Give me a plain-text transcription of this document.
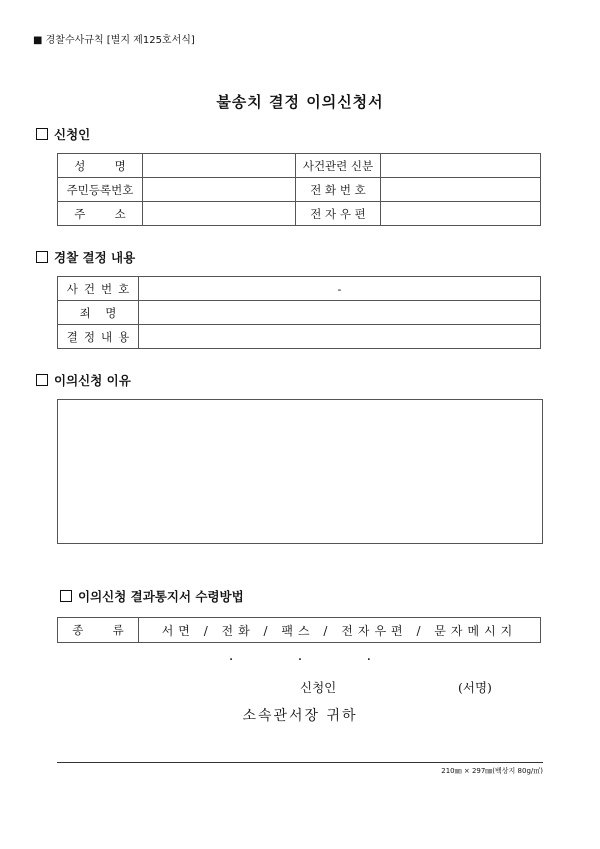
■ 경찰수사규칙 [별지 제125호서식]
불송치 결정 이의신청서
신청인
성        명		사건관련 신분	
주민등록번호		전 화 번 호	
주        소		전 자 우 편	
경찰 결정 내용
사건번호	-
죄    명	
결정내용	
이의신청 이유
이의신청 결과통지서 수령방법
종        류	서면 / 전화 / 팩스 / 전자우편 / 문자메시지
· · ·
신청인	(서명)
소속관서장 귀하
210㎜ × 297㎜(백상지 80g/㎡)
